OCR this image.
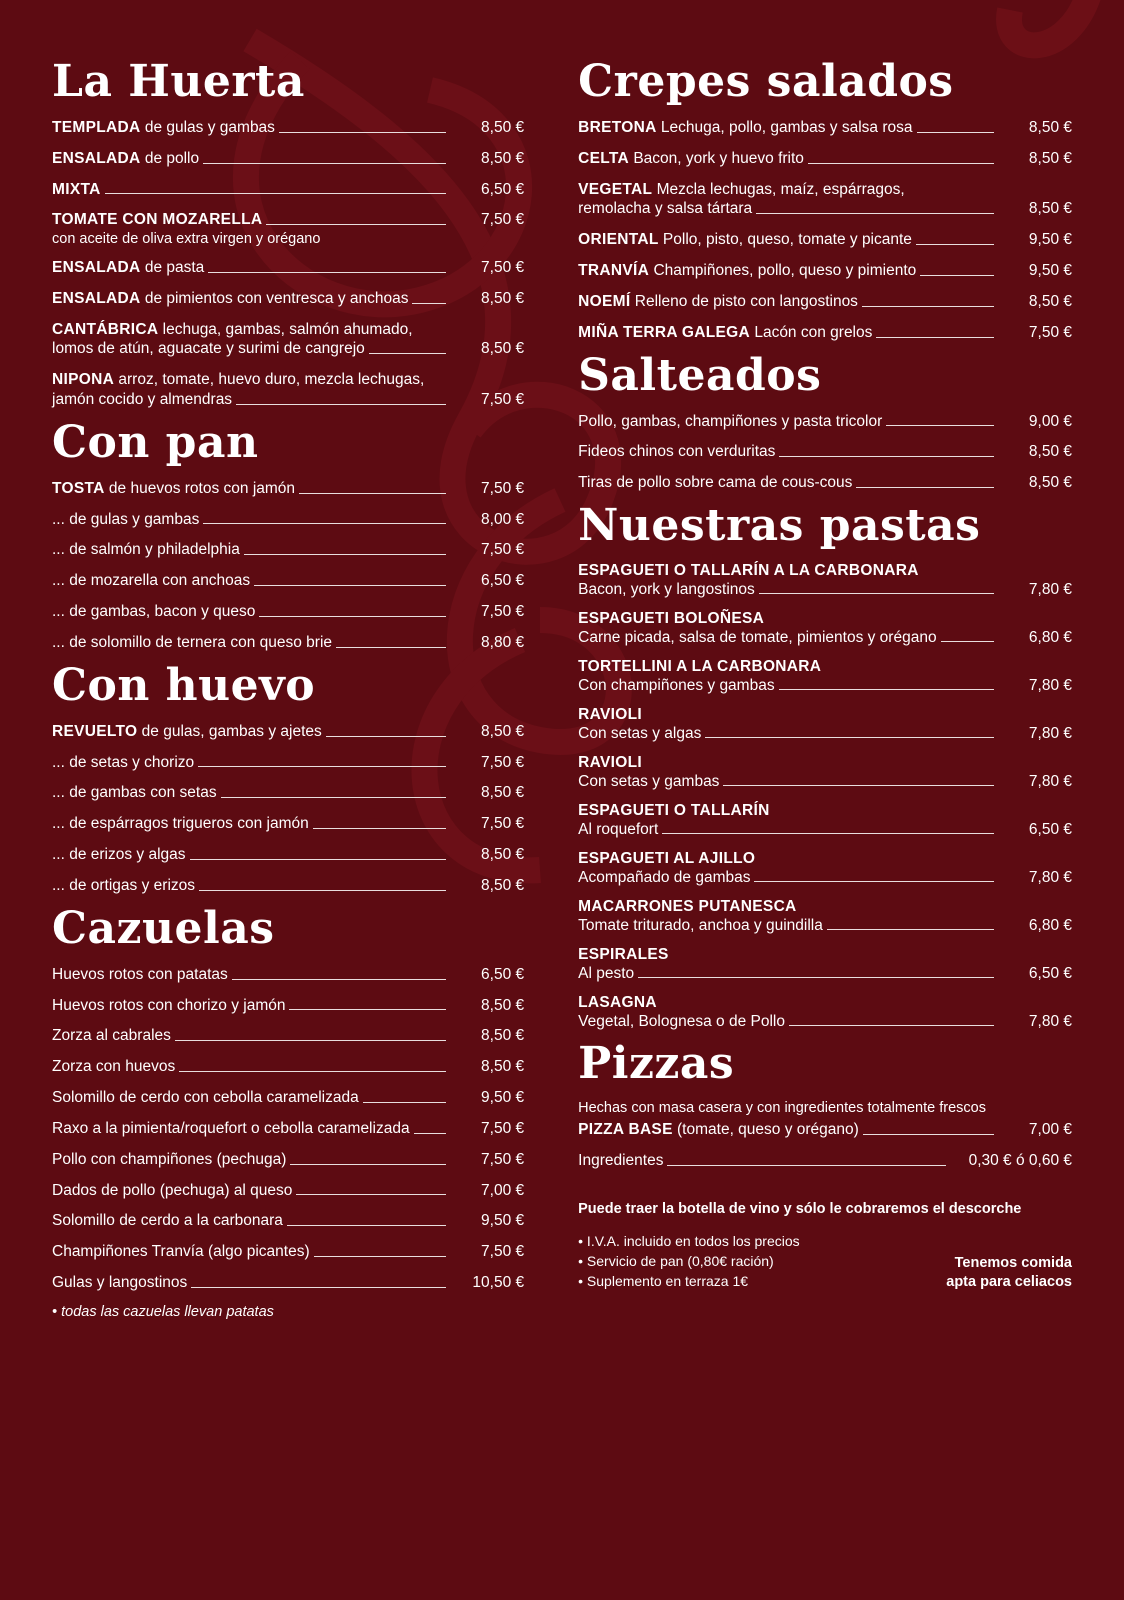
La Huerta
TEMPLADA de gulas y gambas	8,50 €
ENSALADA de pollo	8,50 €
MIXTA	6,50 €
TOMATE CON MOZARELLA	7,50 €
con aceite de oliva extra virgen y orégano
ENSALADA de pasta	7,50 €
ENSALADA de pimientos con ventresca y anchoas	8,50 €
CANTÁBRICA lechuga, gambas, salmón ahumado,
lomos de atún, aguacate y surimi de cangrejo	8,50 €
NIPONA arroz, tomate, huevo duro, mezcla lechugas,
jamón cocido y almendras	7,50 €
Con pan
TOSTA de huevos rotos con jamón	7,50 €
... de gulas y gambas	8,00 €
... de salmón y philadelphia	7,50 €
... de mozarella con anchoas	6,50 €
... de gambas, bacon y queso	7,50 €
... de solomillo de ternera con queso brie	8,80 €
Con huevo
REVUELTO de gulas, gambas y ajetes	8,50 €
... de setas y chorizo	7,50 €
... de gambas con setas	8,50 €
... de espárragos trigueros con jamón	7,50 €
... de erizos y algas	8,50 €
... de ortigas y erizos	8,50 €
Cazuelas
Huevos rotos con patatas	6,50 €
Huevos rotos con chorizo y jamón	8,50 €
Zorza al cabrales	8,50 €
Zorza con huevos	8,50 €
Solomillo de cerdo con cebolla caramelizada	9,50 €
Raxo a la pimienta/roquefort o cebolla caramelizada	7,50 €
Pollo con champiñones (pechuga)	7,50 €
Dados de pollo (pechuga) al queso	7,00 €
Solomillo de cerdo a la carbonara	9,50 €
Champiñones Tranvía (algo picantes)	7,50 €
Gulas y langostinos	10,50 €
• todas las cazuelas llevan patatas
Crepes salados
BRETONA Lechuga, pollo, gambas y salsa rosa	8,50 €
CELTA Bacon, york y huevo frito	8,50 €
VEGETAL Mezcla lechugas, maíz, espárragos,
remolacha y salsa tártara	8,50 €
ORIENTAL Pollo, pisto, queso, tomate y picante	9,50 €
TRANVÍA Champiñones, pollo, queso y pimiento	9,50 €
NOEMÍ Relleno de pisto con langostinos	8,50 €
MIÑA TERRA GALEGA Lacón con grelos	7,50 €
Salteados
Pollo, gambas, champiñones y pasta tricolor	9,00 €
Fideos chinos con verduritas	8,50 €
Tiras de pollo sobre cama de cous-cous	8,50 €
Nuestras pastas
ESPAGUETI O TALLARÍN A LA CARBONARA
Bacon, york y langostinos	7,80 €
ESPAGUETI BOLOÑESA
Carne picada, salsa de tomate, pimientos y orégano	6,80 €
TORTELLINI A LA CARBONARA
Con champiñones y gambas	7,80 €
RAVIOLI
Con setas y algas	7,80 €
RAVIOLI
Con setas y gambas	7,80 €
ESPAGUETI O TALLARÍN
Al roquefort	6,50 €
ESPAGUETI AL AJILLO
Acompañado de gambas	7,80 €
MACARRONES PUTANESCA
Tomate triturado, anchoa y guindilla	6,80 €
ESPIRALES
Al pesto	6,50 €
LASAGNA
Vegetal, Bolognesa o de Pollo	7,80 €
Pizzas
Hechas con masa casera y con ingredientes totalmente frescos
PIZZA BASE (tomate, queso y orégano)	7,00 €
Ingredientes	0,30 € ó 0,60 €
Puede traer la botella de vino y sólo le cobraremos el descorche
• I.V.A. incluido en todos los precios
• Servicio de pan (0,80€ ración)
• Suplemento en terraza 1€
Tenemos comida
apta para celiacos
